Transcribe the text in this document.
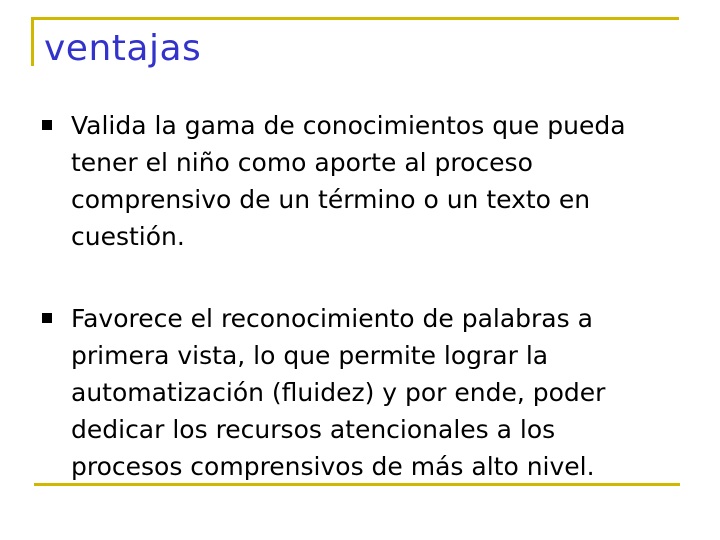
ventajas

Valida la gama de conocimientos que pueda
tener el niño como aporte al proceso
comprensivo de un término o un texto en
cuestión.

Favorece el reconocimiento de palabras a
primera vista, lo que permite lograr la
automatización (fluidez) y por ende, poder
dedicar los recursos atencionales a los
procesos comprensivos de más alto nivel.
